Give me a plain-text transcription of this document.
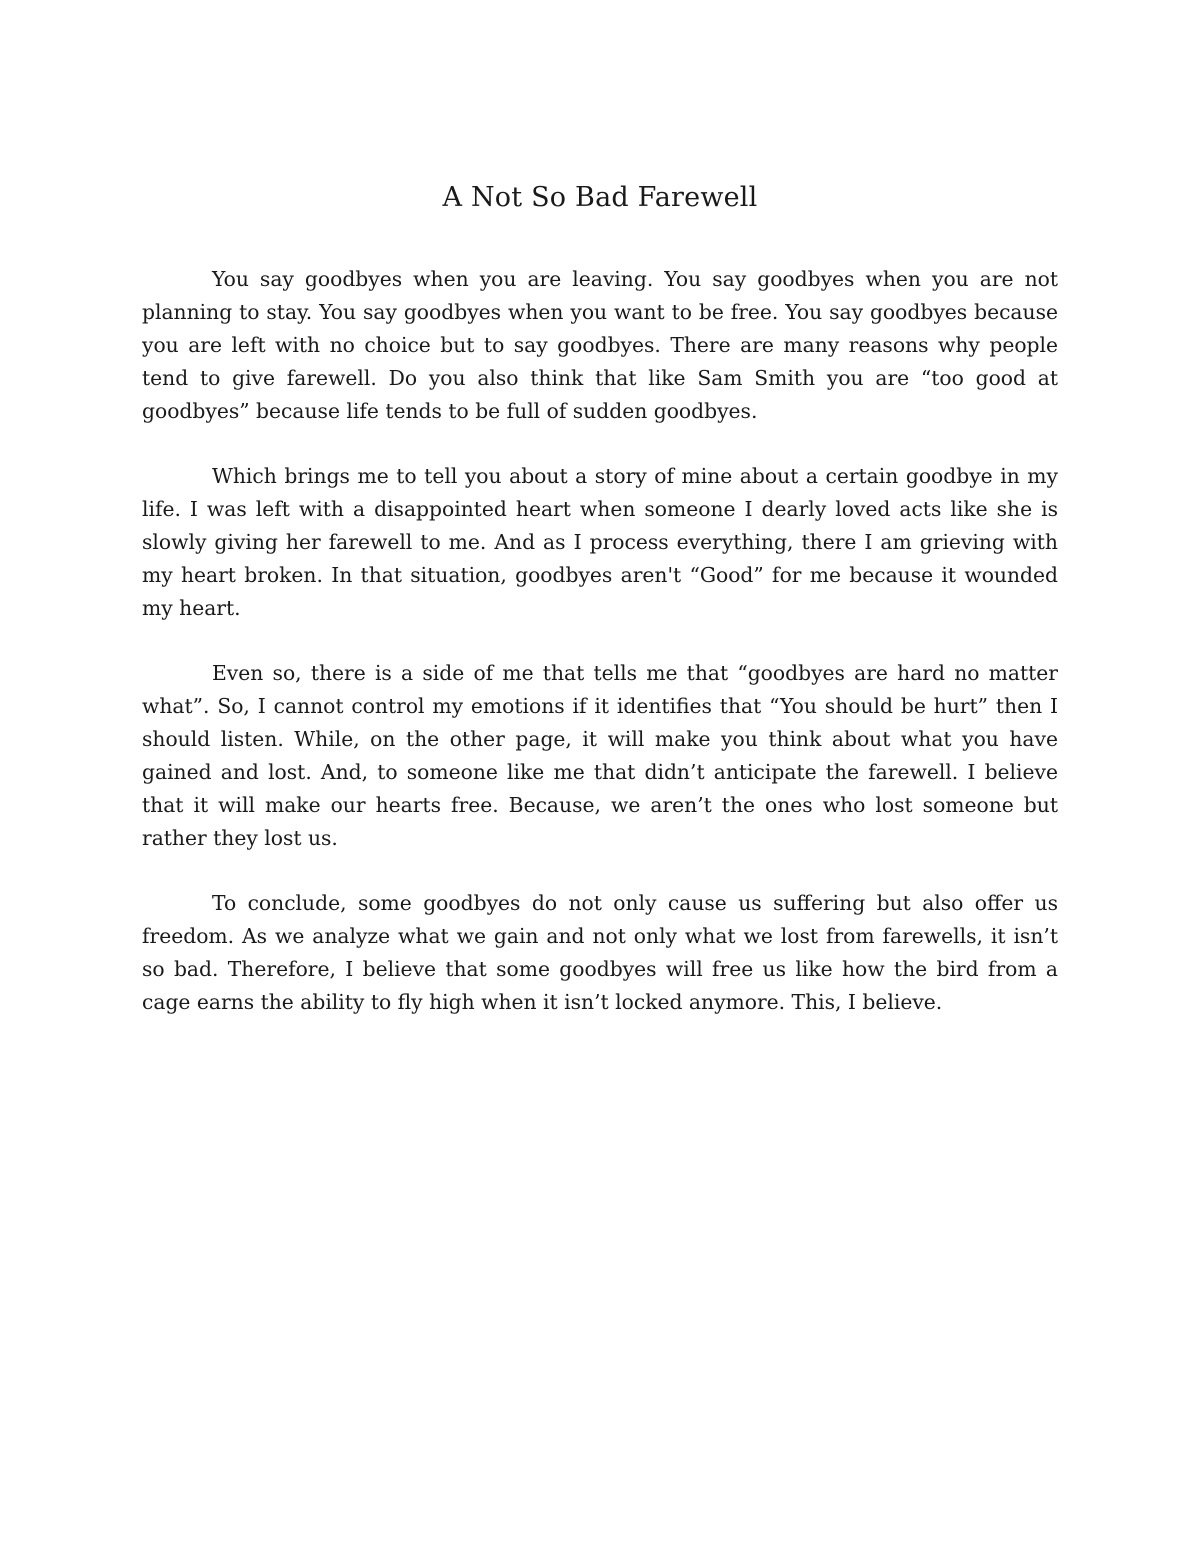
A Not So Bad Farewell

You say goodbyes when you are leaving. You say goodbyes when you are not planning to stay. You say goodbyes when you want to be free. You say goodbyes because you are left with no choice but to say goodbyes. There are many reasons why people tend to give farewell. Do you also think that like Sam Smith you are “too good at goodbyes” because life tends to be full of sudden goodbyes.

Which brings me to tell you about a story of mine about a certain goodbye in my life. I was left with a disappointed heart when someone I dearly loved acts like she is slowly giving her farewell to me. And as I process everything, there I am grieving with my heart broken. In that situation, goodbyes aren't “Good” for me because it wounded my heart.

Even so, there is a side of me that tells me that “goodbyes are hard no matter what”. So, I cannot control my emotions if it identifies that “You should be hurt” then I should listen. While, on the other page, it will make you think about what you have gained and lost. And, to someone like me that didn’t anticipate the farewell. I believe that it will make our hearts free. Because, we aren’t the ones who lost someone but rather they lost us.

To conclude, some goodbyes do not only cause us suffering but also offer us freedom. As we analyze what we gain and not only what we lost from farewells, it isn’t so bad. Therefore, I believe that some goodbyes will free us like how the bird from a cage earns the ability to fly high when it isn’t locked anymore. This, I believe.
